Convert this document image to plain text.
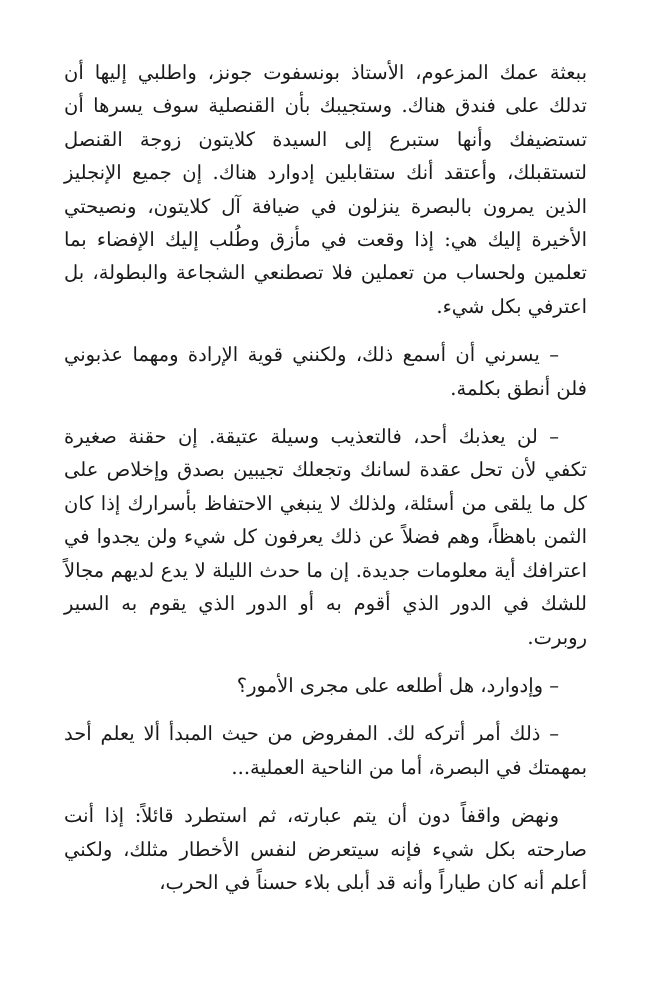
ببعثة عمك المزعوم، الأستاذ بونسفوت جونز، واطلبي إليها أن تدلك على فندق هناك. وستجيبك بأن القنصلية سوف يسرها أن تستضيفك وأنها ستبرع إلى السيدة كلايتون زوجة القنصل لتستقبلك، وأعتقد أنك ستقابلين إدوارد هناك. إن جميع الإنجليز الذين يمرون بالبصرة ينزلون في ضيافة آل كلايتون، ونصيحتي الأخيرة إليك هي: إذا وقعت في مأزق وطُلب إليك الإفضاء بما تعلمين ولحساب من تعملين فلا تصطنعي الشجاعة والبطولة، بل اعترفي بكل شيء.

– يسرني أن أسمع ذلك، ولكنني قوية الإرادة ومهما عذبوني فلن أنطق بكلمة.

– لن يعذبك أحد، فالتعذيب وسيلة عتيقة. إن حقنة صغيرة تكفي لأن تحل عقدة لسانك وتجعلك تجيبين بصدق وإخلاص على كل ما يلقى من أسئلة، ولذلك لا ينبغي الاحتفاظ بأسرارك إذا كان الثمن باهظاً، وهم فضلاً عن ذلك يعرفون كل شيء ولن يجدوا في اعترافك أية معلومات جديدة. إن ما حدث الليلة لا يدع لديهم مجالاً للشك في الدور الذي أقوم به أو الدور الذي يقوم به السير روبرت.

– وإدوارد، هل أطلعه على مجرى الأمور؟

– ذلك أمر أتركه لك. المفروض من حيث المبدأ ألا يعلم أحد بمهمتك في البصرة، أما من الناحية العملية...

ونهض واقفاً دون أن يتم عبارته، ثم استطرد قائلاً: إذا أنت صارحته بكل شيء فإنه سيتعرض لنفس الأخطار مثلك، ولكني أعلم أنه كان طياراً وأنه قد أبلى بلاء حسناً في الحرب،
